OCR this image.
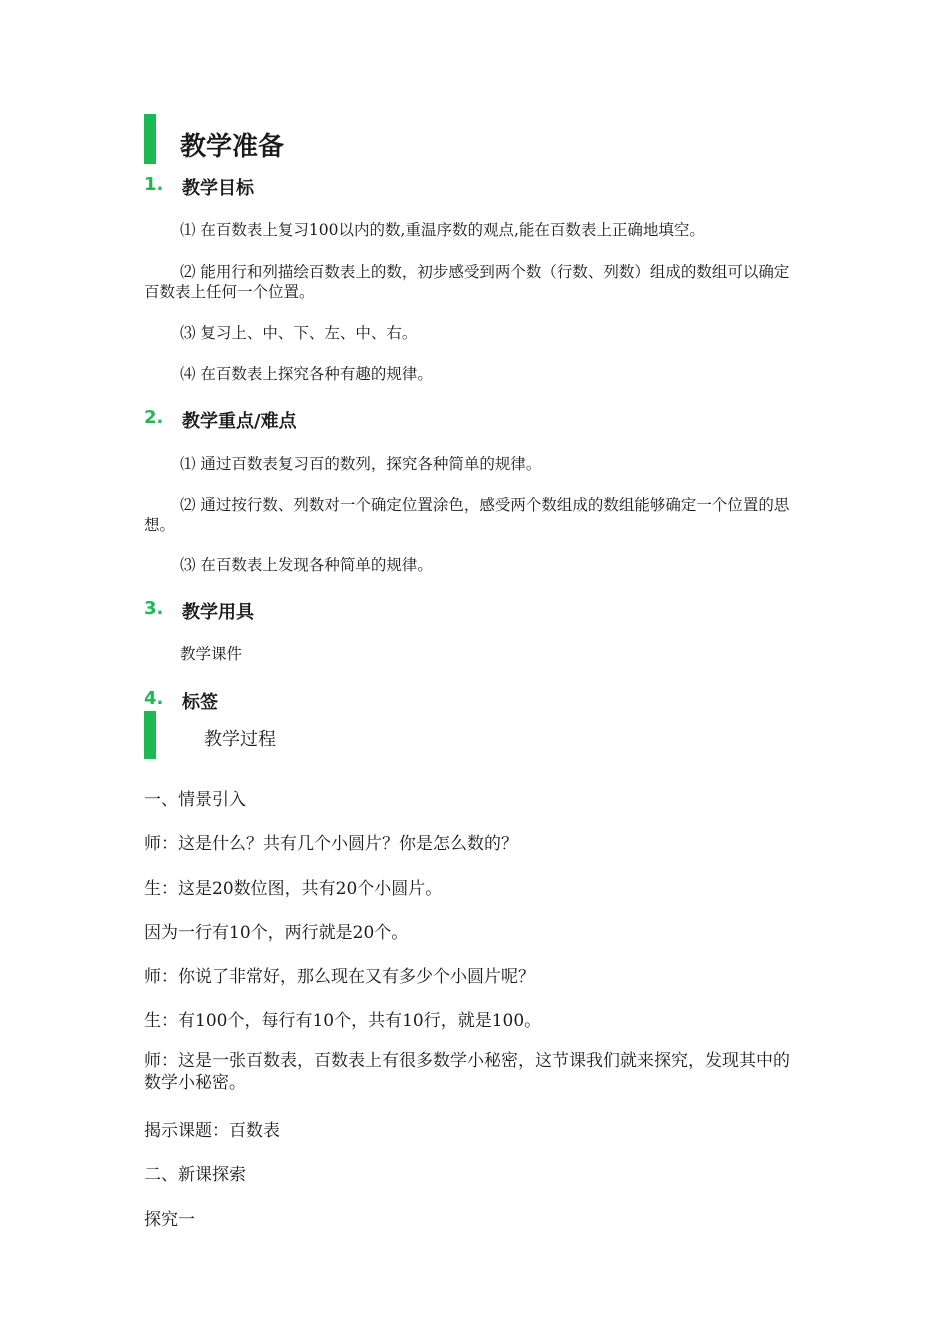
教学准备
1. 教学目标
⑴ 在百数表上复习100以内的数,重温序数的观点,能在百数表上正确地填空。
⑵ 能用行和列描绘百数表上的数，初步感受到两个数（行数、列数）组成的数组可以确定百数表上任何一个位置。
⑶ 复习上、中、下、左、中、右。
⑷ 在百数表上探究各种有趣的规律。
2. 教学重点/难点
⑴ 通过百数表复习百的数列，探究各种简单的规律。
⑵ 通过按行数、列数对一个确定位置涂色，感受两个数组成的数组能够确定一个位置的思想。
⑶ 在百数表上发现各种简单的规律。
3. 教学用具
教学课件
4. 标签
教学过程
一、情景引入
师：这是什么？共有几个小圆片？你是怎么数的？
生：这是20数位图，共有20个小圆片。
因为一行有10个，两行就是20个。
师：你说了非常好，那么现在又有多少个小圆片呢？
生：有100个，每行有10个，共有10行，就是100。
师：这是一张百数表，百数表上有很多数学小秘密，这节课我们就来探究，发现其中的数学小秘密。
揭示课题：百数表
二、新课探索
探究一
